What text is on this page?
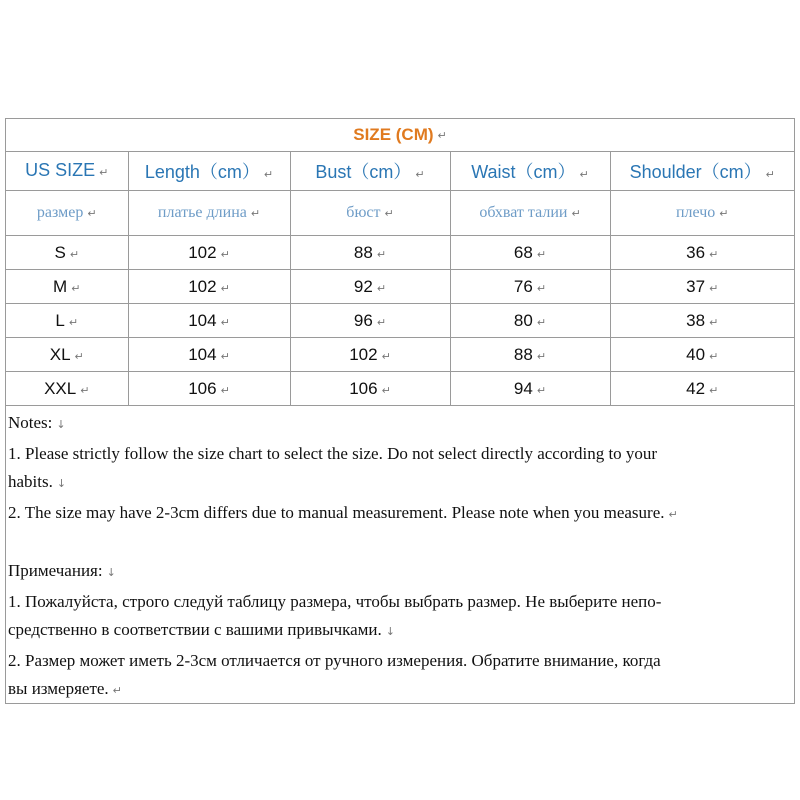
SIZE (CM) ↵
US SIZE ↵	Length（cm） ↵	Bust（cm） ↵	Waist（cm） ↵	Shoulder（cm） ↵
размер ↵	платье длина ↵	бюст ↵	обхват талии ↵	плечо ↵
S ↵	102 ↵	88 ↵	68 ↵	36 ↵
M ↵	102 ↵	92 ↵	76 ↵	37 ↵
L ↵	104 ↵	96 ↵	80 ↵	38 ↵
XL ↵	104 ↵	102 ↵	88 ↵	40 ↵
XXL ↵	106 ↵	106 ↵	94 ↵	42 ↵

Notes: ↓

1. Please strictly follow the size chart to select the size. Do not select directly according to your

habits. ↓

2. The size may have 2-3cm differs due to manual measurement. Please note when you measure. ↵

Примечания: ↓

1. Пожалуйста, строго следуй таблицу размера, чтобы выбрать размер. Не выберите непо-

средственно в соответствии с вашими привычками. ↓

2. Размер может иметь 2-3см отличается от ручного измерения. Обратите внимание, когда

вы измеряете. ↵
